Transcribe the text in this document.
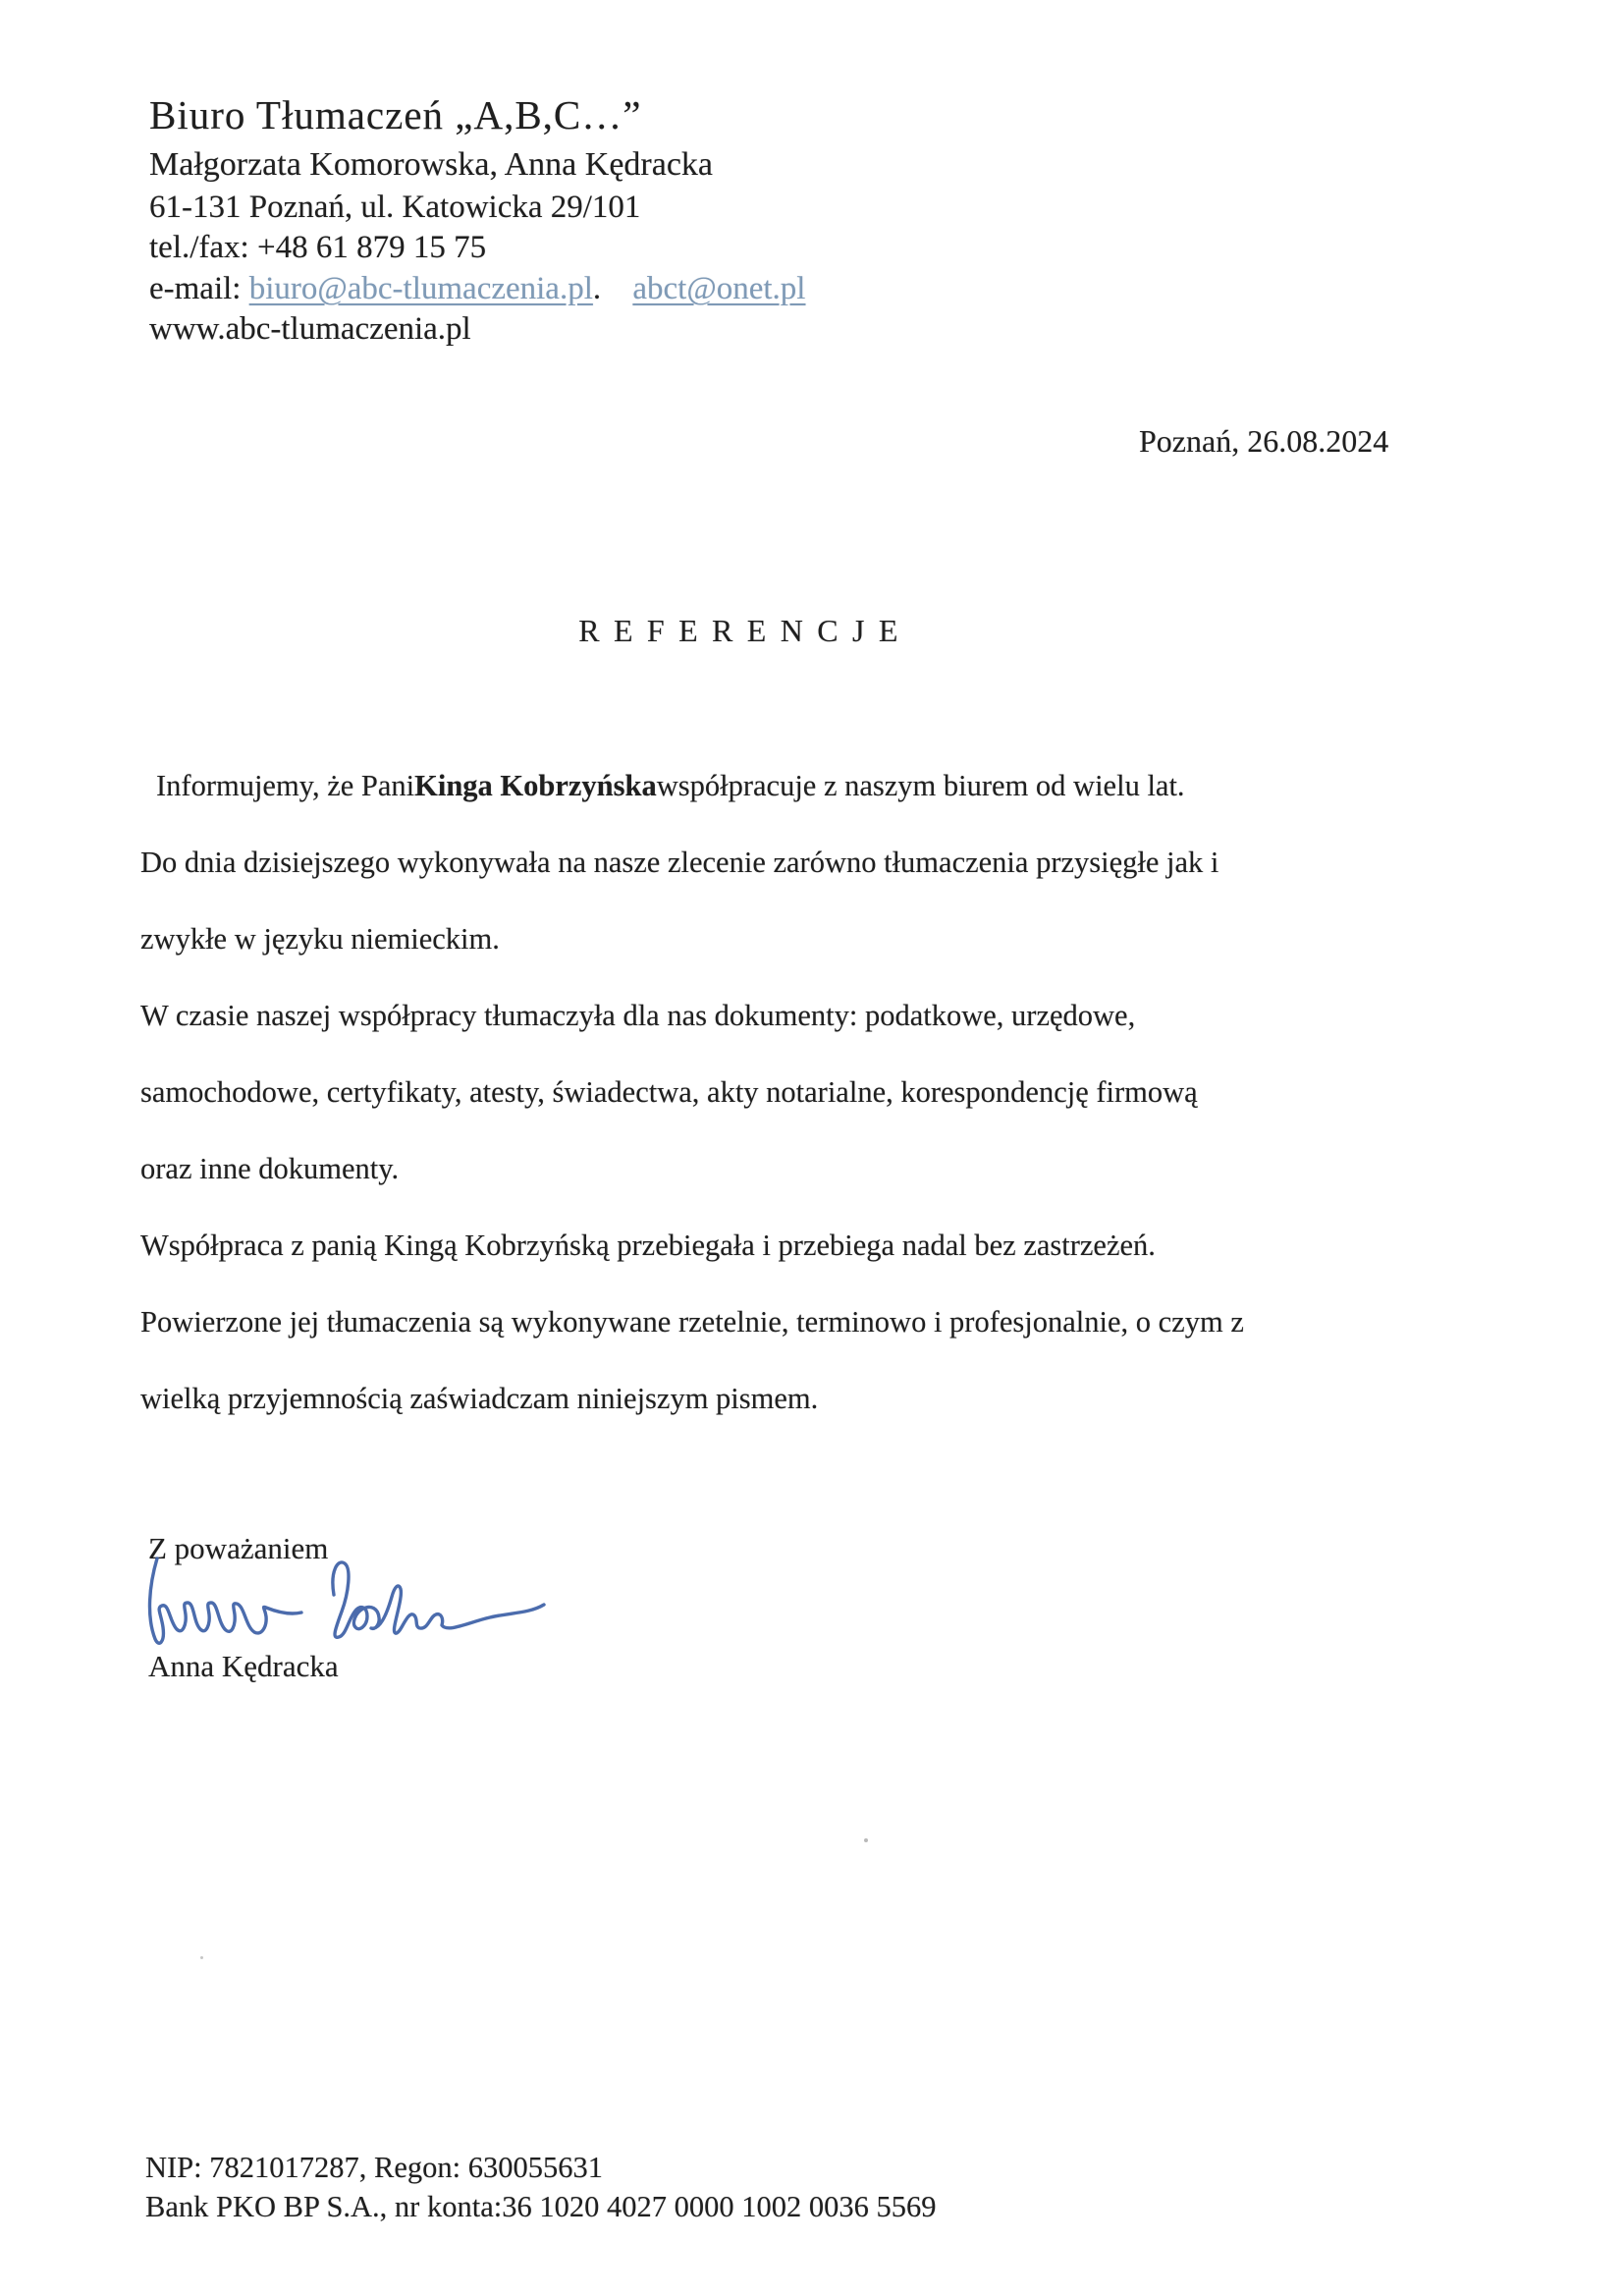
Biuro Tłumaczeń „A,B,C…”
Małgorzata Komorowska, Anna Kędracka
61-131 Poznań, ul. Katowicka 29/101
tel./fax: +48 61 879 15 75
e-mail: biuro@abc-tlumaczenia.pl. abct@onet.pl
www.abc-tlumaczenia.pl
Poznań, 26.08.2024
REFERENCJE
Informujemy, że Pani Kinga Kobrzyńska współpracuje z naszym biurem od wielu lat.
Do dnia dzisiejszego wykonywała na nasze zlecenie zarówno tłumaczenia przysięgłe jak i
zwykłe w języku niemieckim.
W czasie naszej współpracy tłumaczyła dla nas dokumenty: podatkowe, urzędowe,
samochodowe, certyfikaty, atesty, świadectwa, akty notarialne, korespondencję firmową
oraz inne dokumenty.
Współpraca z panią Kingą Kobrzyńską przebiegała i przebiega nadal bez zastrzeżeń.
Powierzone jej tłumaczenia są wykonywane rzetelnie, terminowo i profesjonalnie, o czym z
wielką przyjemnością zaświadczam niniejszym pismem.
Z poważaniem
Anna Kędracka
NIP: 7821017287, Regon: 630055631
Bank PKO BP S.A., nr konta:36 1020 4027 0000 1002 0036 5569
